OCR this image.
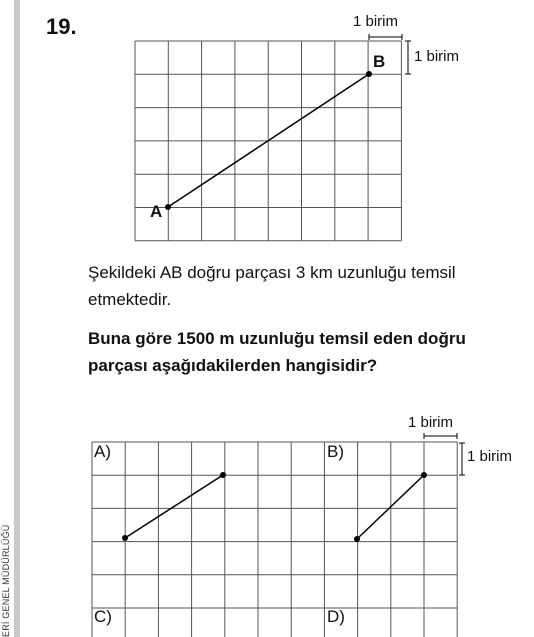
ERİ GENEL MÜDÜRLÜĞÜ
19.	1 birim
1 birim
B
A
Şekildeki AB doğru parçası 3 km uzunluğu temsil etmektedir.
Buna göre 1500 m uzunluğu temsil eden doğru parçası aşağıdakilerden hangisidir?
1 birim
1 birim
A)	B)
C)	D)
